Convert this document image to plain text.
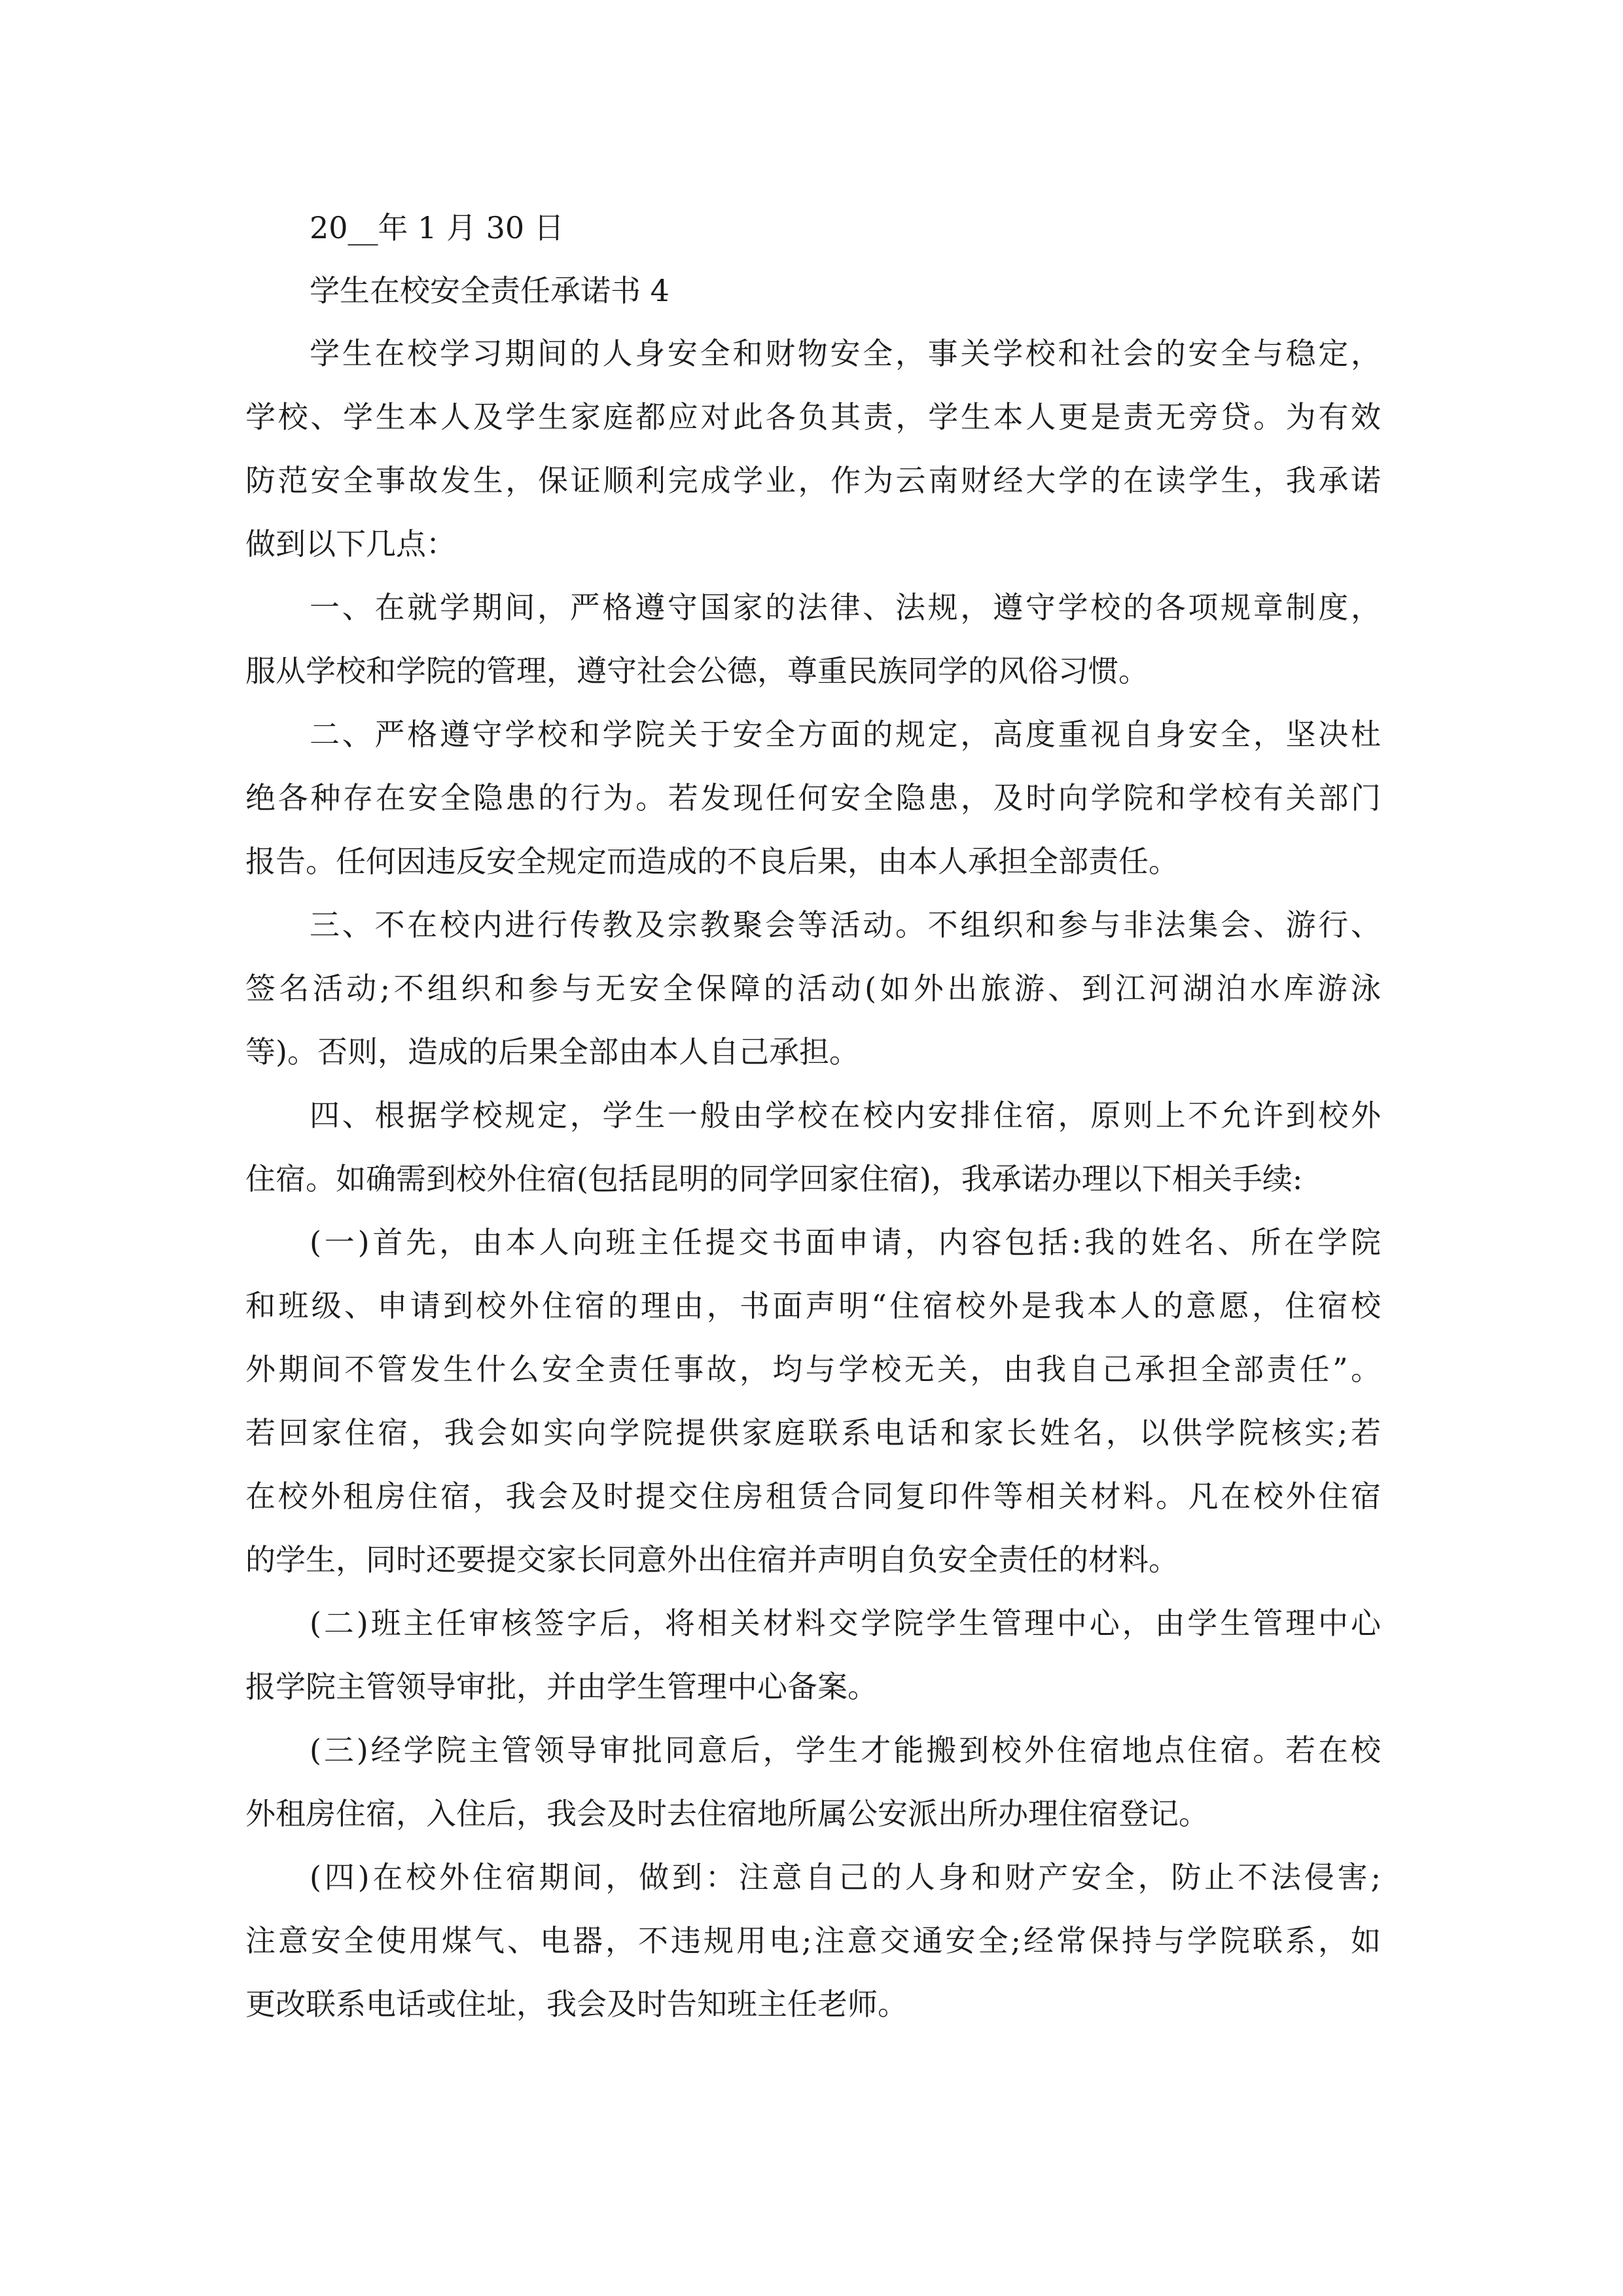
20__年 1 月 30 日
学生在校安全责任承诺书 4
学生在校学习期间的人身安全和财物安全，事关学校和社会的安全与稳定，
学校、学生本人及学生家庭都应对此各负其责，学生本人更是责无旁贷。为有效
防范安全事故发生，保证顺利完成学业，作为云南财经大学的在读学生，我承诺
做到以下几点：
一、在就学期间，严格遵守国家的法律、法规，遵守学校的各项规章制度，
服从学校和学院的管理，遵守社会公德，尊重民族同学的风俗习惯。
二、严格遵守学校和学院关于安全方面的规定，高度重视自身安全，坚决杜
绝各种存在安全隐患的行为。若发现任何安全隐患，及时向学院和学校有关部门
报告。任何因违反安全规定而造成的不良后果，由本人承担全部责任。
三、不在校内进行传教及宗教聚会等活动。不组织和参与非法集会、游行、
签名活动;不组织和参与无安全保障的活动(如外出旅游、到江河湖泊水库游泳
等)。否则，造成的后果全部由本人自己承担。
四、根据学校规定，学生一般由学校在校内安排住宿，原则上不允许到校外
住宿。如确需到校外住宿(包括昆明的同学回家住宿)，我承诺办理以下相关手续:
(一)首先，由本人向班主任提交书面申请，内容包括:我的姓名、所在学院
和班级、申请到校外住宿的理由，书面声明“住宿校外是我本人的意愿，住宿校
外期间不管发生什么安全责任事故，均与学校无关，由我自己承担全部责任”。
若回家住宿，我会如实向学院提供家庭联系电话和家长姓名，以供学院核实;若
在校外租房住宿，我会及时提交住房租赁合同复印件等相关材料。凡在校外住宿
的学生，同时还要提交家长同意外出住宿并声明自负安全责任的材料。
(二)班主任审核签字后，将相关材料交学院学生管理中心，由学生管理中心
报学院主管领导审批，并由学生管理中心备案。
(三)经学院主管领导审批同意后，学生才能搬到校外住宿地点住宿。若在校
外租房住宿，入住后，我会及时去住宿地所属公安派出所办理住宿登记。
(四)在校外住宿期间，做到：注意自己的人身和财产安全，防止不法侵害;
注意安全使用煤气、电器，不违规用电;注意交通安全;经常保持与学院联系，如
更改联系电话或住址，我会及时告知班主任老师。
